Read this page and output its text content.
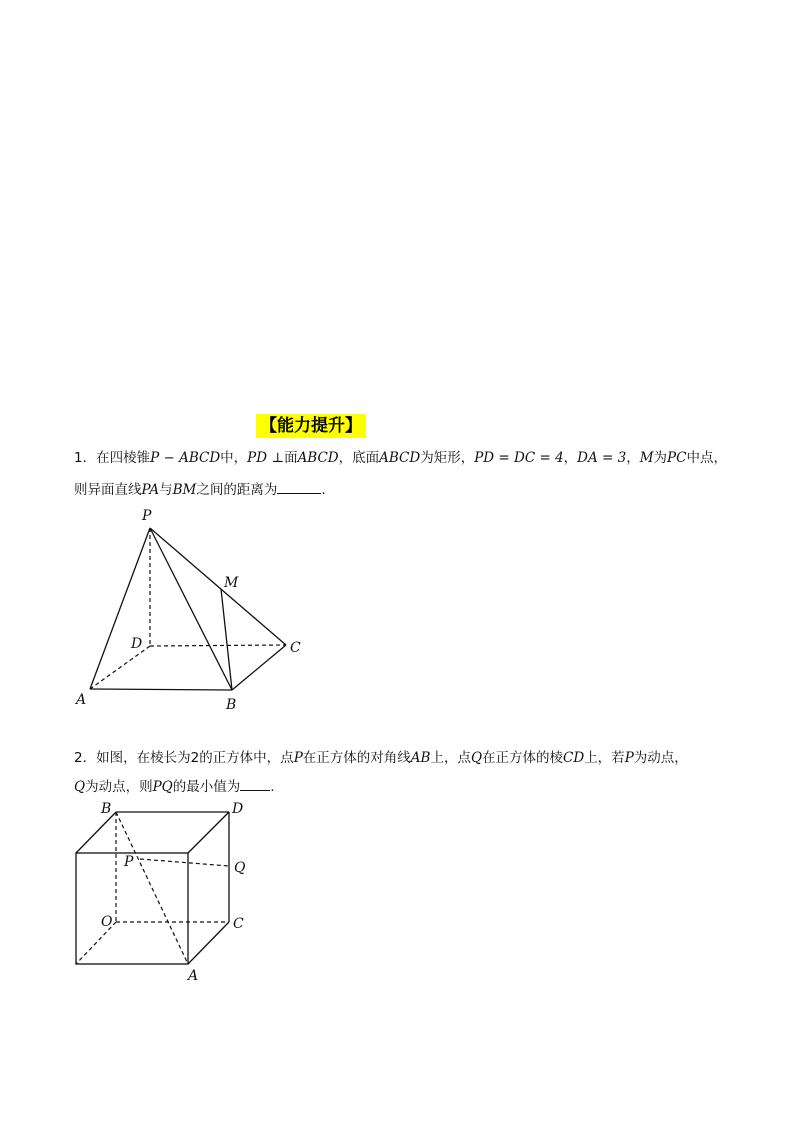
【能力提升】
1．在四棱锥P − ABCD中，PD ⊥面ABCD，底面ABCD为矩形，PD = DC = 4，DA = 3，M为PC中点，
则异面直线PA与BM之间的距离为	.
P
M
D	C
A	B
2．如图，在棱长为2的正方体中，点P在正方体的对角线AB上，点Q在正方体的棱CD上，若P为动点，
Q为动点，则PQ的最小值为 .
B	D
P	Q
O	C
A
